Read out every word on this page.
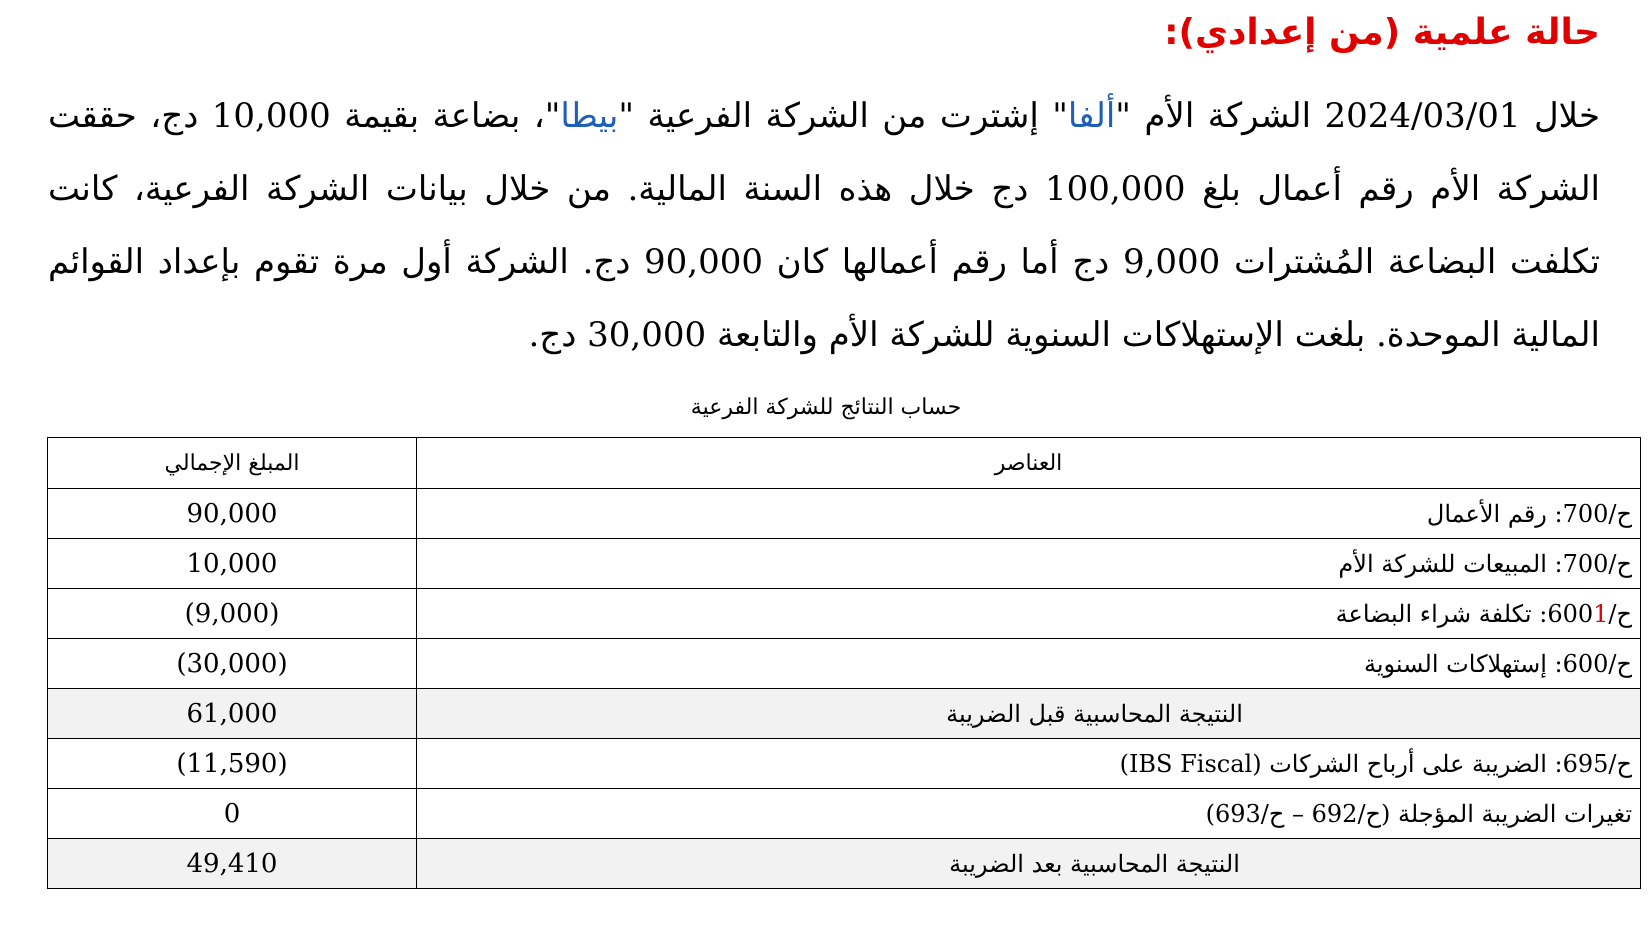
حالة علمية (من إعدادي):

خلال 2024/03/01 الشركة الأم "ألفا" إشترت من الشركة الفرعية "بيطا"، بضاعة بقيمة 10,000 دج، حققت الشركة الأم رقم أعمال بلغ 100,000 دج خلال هذه السنة المالية. من خلال بيانات الشركة الفرعية، كانت تكلفت البضاعة المُشترات 9,000 دج أما رقم أعمالها كان 90,000 دج. الشركة أول مرة تقوم بإعداد القوائم المالية الموحدة. بلغت الإستهلاكات السنوية للشركة الأم والتابعة 30,000 دج.

حساب النتائج للشركة الفرعية
العناصر	المبلغ الإجمالي
ح/700: رقم الأعمال	90,000
ح/700: المبيعات للشركة الأم	10,000
ح/6001: تكلفة شراء البضاعة	(9,000)
ح/600: إستهلاكات السنوية	(30,000)
النتيجة المحاسبية قبل الضريبة	61,000
ح/695: الضريبة على أرباح الشركات (IBS Fiscal)	(11,590)
تغيرات الضريبة المؤجلة (ح/692 – ح/693)	0
النتيجة المحاسبية بعد الضريبة	49,410
